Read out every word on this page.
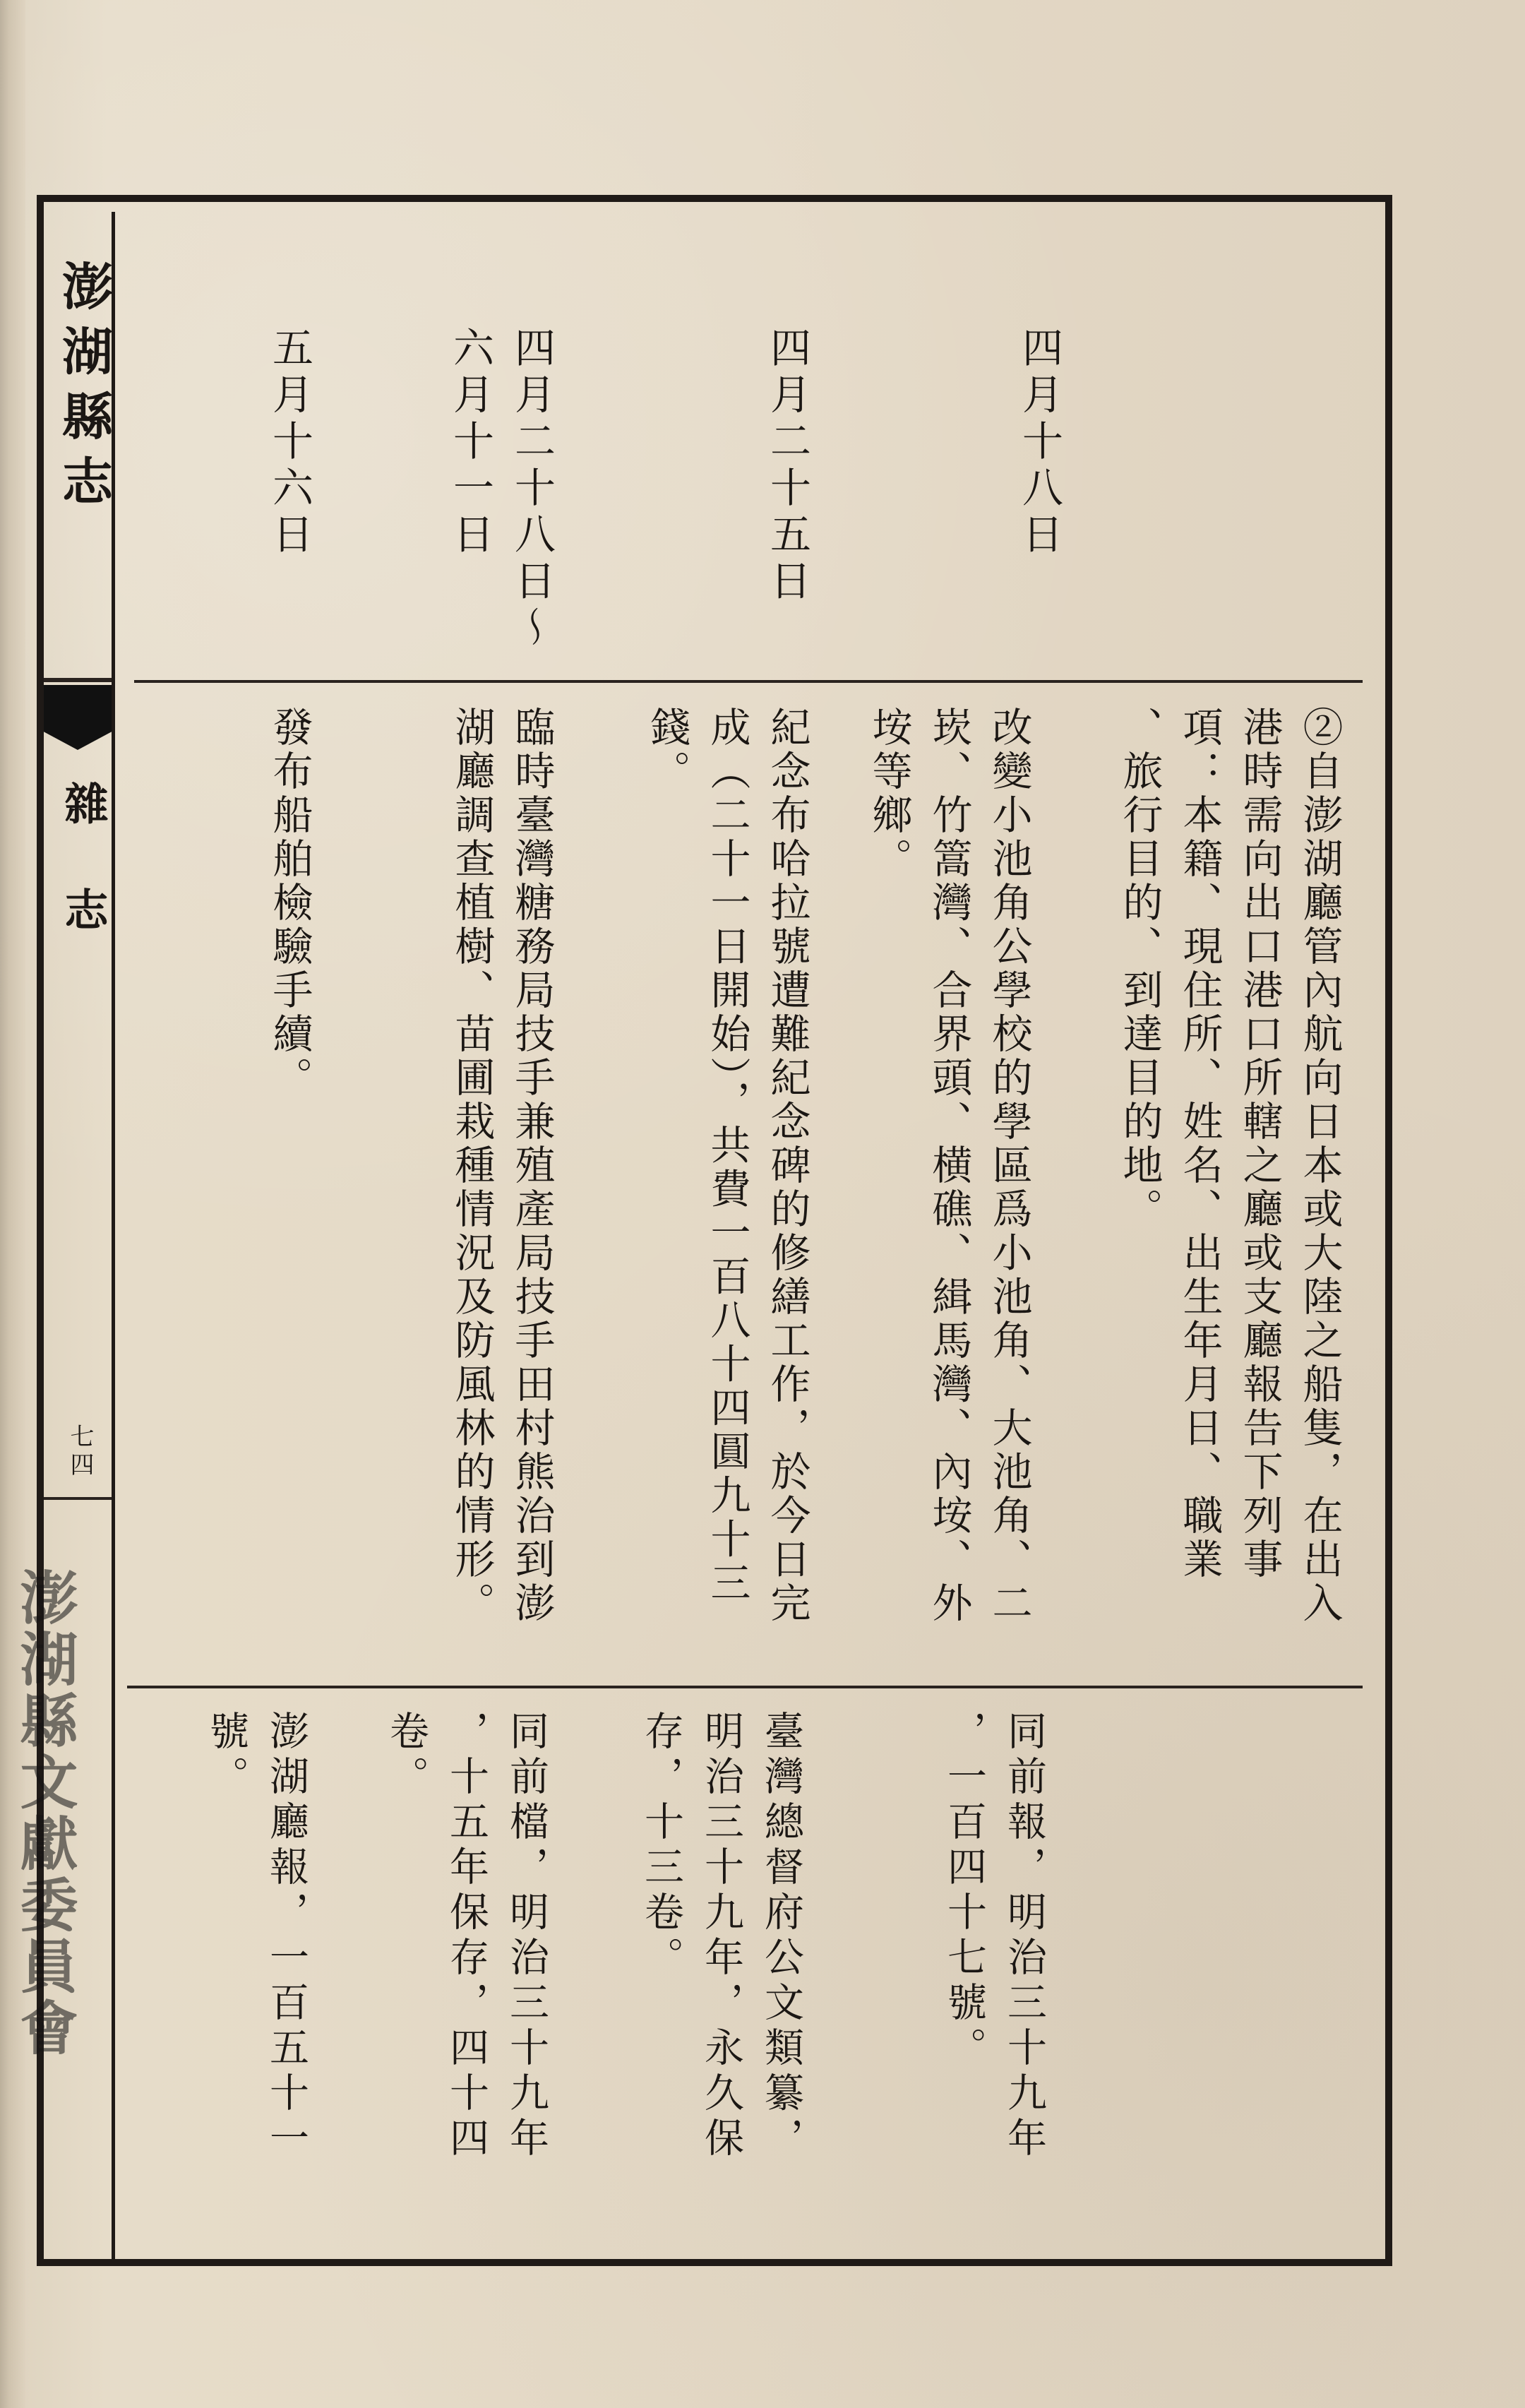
澎湖縣志
雜志
七四
四月十八日
四月二十五日
四月二十八日～
六月十一日
五月十六日
②自澎湖廳管內航向日本或大陸之船隻，在出入
港時需向出口港口所轄之廳或支廳報告下列事
項：本籍、現住所、姓名、出生年月日、職業
、旅行目的、到達目的地。
改變小池角公學校的學區爲小池角、大池角、二
崁、竹篙灣、合界頭、横礁、緝馬灣、內垵、外
垵等鄉。
紀念布哈拉號遭難紀念碑的修繕工作，於今日完
成（二十一日開始），共費一百八十四圓九十三
錢。
臨時臺灣糖務局技手兼殖產局技手田村熊治到澎
湖廳調查植樹、苗圃栽種情況及防風林的情形。
發布船舶檢驗手續。
同前報，明治三十九年
，一百四十七號。
臺灣總督府公文類纂，
明治三十九年，永久保
存，十三卷。
同前檔，明治三十九年
，十五年保存，四十四
卷。
澎湖廳報，一百五十一
號。
澎湖縣文獻委員會
